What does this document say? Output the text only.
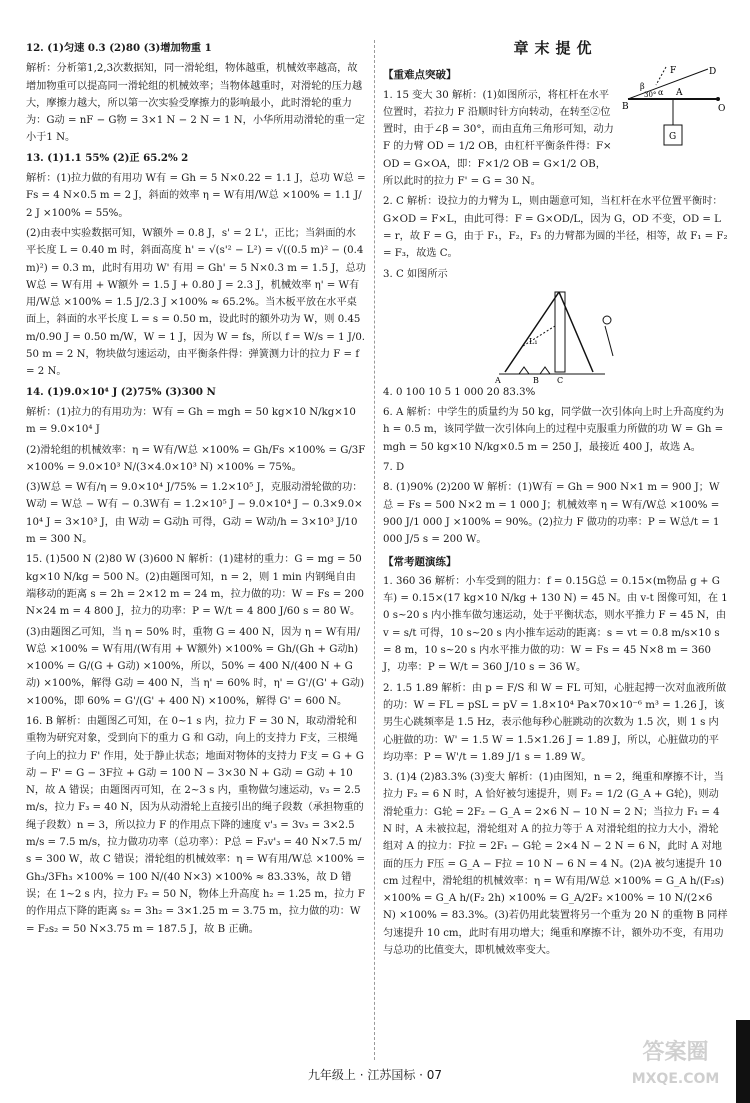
12. (1)匀速 0.3 (2)80 (3)增加物重 1

解析：分析第1,2,3次数据知，同一滑轮组，物体越重，机械效率越高，故增加物重可以提高同一滑轮组的机械效率；当物体越重时，对滑轮的压力越大，摩擦力越大，所以第一次实验受摩擦力的影响最小，此时滑轮的重力为：G动 = nF − G物 = 3×1 N − 2 N = 1 N，小华所用动滑轮的重一定小于1 N。

13. (1)1.1 55% (2)正 65.2% 2

解析：(1)拉力做的有用功 W有 = Gh = 5 N×0.22 = 1.1 J，总功 W总 = Fs = 4 N×0.5 m = 2 J，斜面的效率 η = W有用/W总 ×100% = 1.1 J/2 J ×100% = 55%。

(2)由表中实验数据可知，W额外 = 0.8 J，s' = 2 L'，正比；当斜面的水平长度 L = 0.40 m 时，斜面高度 h' = √(s'² − L²) = √((0.5 m)² − (0.4 m)²) = 0.3 m，此时有用功 W' 有用 = Gh' = 5 N×0.3 m = 1.5 J，总功 W总 = W有用 + W额外 = 1.5 J + 0.80 J = 2.3 J，机械效率 η' = W有用/W总 ×100% = 1.5 J/2.3 J ×100% ≈ 65.2%。当木板平放在水平桌面上，斜面的水平长度 L = s = 0.50 m，设此时的额外功为 W，则 0.45 m/0.90 J = 0.50 m/W，W = 1 J，因为 W = fs，所以 f = W/s = 1 J/0.50 m = 2 N，物块做匀速运动，由平衡条件得：弹簧测力计的拉力 F = f = 2 N。

14. (1)9.0×10⁴ J (2)75% (3)300 N

解析：(1)拉力的有用功为：W有 = Gh = mgh = 50 kg×10 N/kg×10 m = 9.0×10⁴ J

(2)滑轮组的机械效率：η = W有/W总 ×100% = Gh/Fs ×100% = G/3F ×100% = 9.0×10³ N/(3×4.0×10³ N) ×100% = 75%。

(3)W总 = W有/η = 9.0×10⁴ J/75% = 1.2×10⁵ J，克服动滑轮做的功：W动 = W总 − W有 − 0.3W有 = 1.2×10⁵ J − 9.0×10⁴ J − 0.3×9.0×10⁴ J = 3×10³ J，由 W动 = G动h 可得，G动 = W动/h = 3×10³ J/10 m = 300 N。

15. (1)500 N (2)80 W (3)600 N 解析：(1)建材的重力：G = mg = 50 kg×10 N/kg = 500 N。(2)由题图可知，n = 2，则 1 min 内钢绳自由端移动的距离 s = 2h = 2×12 m = 24 m，拉力做的功：W = Fs = 200 N×24 m = 4 800 J，拉力的功率：P = W/t = 4 800 J/60 s = 80 W。

(3)由题图乙可知，当 η = 50% 时，重物 G = 400 N，因为 η = W有用/W总 ×100% = W有用/(W有用 + W额外) ×100% = Gh/(Gh + G动h) ×100% = G/(G + G动) ×100%，所以，50% = 400 N/(400 N + G动) ×100%，解得 G动 = 400 N，当 η' = 60% 时，η' = G'/(G' + G动) ×100%，即 60% = G'/(G' + 400 N) ×100%，解得 G' = 600 N。

16. B 解析：由题图乙可知，在 0~1 s 内，拉力 F = 30 N，取动滑轮和重物为研究对象，受到向下的重力 G 和 G动，向上的支持力 F支，三根绳子向上的拉力 F' 作用，处于静止状态；地面对物体的支持力 F支 = G + G动 − F' = G − 3F拉 + G动 = 100 N − 3×30 N + G动 = G动 + 10 N，故 A 错误；由题图丙可知，在 2~3 s 内，重物做匀速运动，v₃ = 2.5 m/s，拉力 F₃ = 40 N，因为从动滑轮上直接引出的绳子段数（承担物重的绳子段数）n = 3，所以拉力 F 的作用点下降的速度 v'₃ = 3v₃ = 3×2.5 m/s = 7.5 m/s，拉力做功功率（总功率）：P总 = F₃v'₃ = 40 N×7.5 m/s = 300 W，故 C 错误；滑轮组的机械效率：η = W有用/W总 ×100% = Gh₃/3Fh₃ ×100% = 100 N/(40 N×3) ×100% ≈ 83.33%，故 D 错误；在 1~2 s 内，拉力 F₂ = 50 N，物体上升高度 h₂ = 1.25 m，拉力 F 的作用点下降的距离 s₂ = 3h₂ = 3×1.25 m = 3.75 m，拉力做的功：W = F₂s₂ = 50 N×3.75 m = 187.5 J，故 B 正确。

章末提优
【重难点突破】	D
F
B
A
O
G
β
30° α

1. 15 变大 30 解析：(1)如图所示，将杠杆在水平位置时，若拉力 F 沿顺时针方向转动，在转至②位置时，由于∠β = 30°，而由直角三角形可知，动力 F 的力臂 OD = 1/2 OB，由杠杆平衡条件得：F×OD = G×OA，即：F×1/2 OB = G×1/2 OB，所以此时的拉力 F' = G = 30 N。

2. C 解析：设拉力的力臂为 L，则由题意可知，当杠杆在水平位置平衡时：G×OD = F×L，由此可得：F = G×OD/L，因为 G，OD 不变，OD = L = r，故 F = G，由于 F₁，F₂，F₃ 的力臂都为圆的半径，相等，故 F₁ = F₂ = F₃，故选 C。

3. C 如图所示

L₁
A	B C

4. 0 100 10 5 1 000 20 83.3%

6. A 解析：中学生的质量约为 50 kg，同学做一次引体向上时上升高度约为 h = 0.5 m，该同学做一次引体向上的过程中克服重力所做的功 W = Gh = mgh = 50 kg×10 N/kg×0.5 m = 250 J，最接近 400 J，故选 A。

7. D

8. (1)90% (2)200 W 解析：(1)W有 = Gh = 900 N×1 m = 900 J；W总 = Fs = 500 N×2 m = 1 000 J；机械效率 η = W有/W总 ×100% = 900 J/1 000 J ×100% = 90%。(2)拉力 F 做功的功率：P = W总/t = 1 000 J/5 s = 200 W。

【常考题演练】

1. 360 36 解析：小车受到的阻力：f = 0.15G总 = 0.15×(m物品 g + G车) = 0.15×(17 kg×10 N/kg + 130 N) = 45 N。由 v-t 图像可知，在 10 s~20 s 内小推车做匀速运动，处于平衡状态，则水平推力 F = 45 N，由 v = s/t 可得，10 s~20 s 内小推车运动的距离：s = vt = 0.8 m/s×10 s = 8 m，10 s~20 s 内水平推力做的功：W = Fs = 45 N×8 m = 360 J，功率：P = W/t = 360 J/10 s = 36 W。

2. 1.5 1.89 解析：由 p = F/S 和 W = FL 可知，心脏起搏一次对血液所做的功：W = FL = pSL = pV = 1.8×10⁴ Pa×70×10⁻⁶ m³ = 1.26 J，该男生心跳频率是 1.5 Hz，表示他每秒心脏跳动的次数为 1.5 次，则 1 s 内心脏做的功：W' = 1.5 W = 1.5×1.26 J = 1.89 J，所以，心脏做功的平均功率：P = W'/t = 1.89 J/1 s = 1.89 W。

3. (1)4 (2)83.3% (3)变大 解析：(1)由图知，n = 2，绳重和摩擦不计，当拉力 F₂ = 6 N 时，A 恰好被匀速提升，则 F₂ = 1/2 (G_A + G轮)，则动滑轮重力：G轮 = 2F₂ − G_A = 2×6 N − 10 N = 2 N；当拉力 F₁ = 4 N 时，A 未被拉起，滑轮组对 A 的拉力等于 A 对滑轮组的拉力大小，滑轮组对 A 的拉力：F拉 = 2F₁ − G轮 = 2×4 N − 2 N = 6 N，此时 A 对地面的压力 F压 = G_A − F拉 = 10 N − 6 N = 4 N。(2)A 被匀速提升 10 cm 过程中，滑轮组的机械效率：η = W有用/W总 ×100% = G_A h/(F₂s) ×100% = G_A h/(F₂ 2h) ×100% = G_A/2F₂ ×100% = 10 N/(2×6 N) ×100% = 83.3%。(3)若仍用此装置将另一个重为 20 N 的重物 B 同样匀速提升 10 cm，此时有用功增大；绳重和摩擦不计，额外功不变，有用功与总功的比值变大，即机械效率变大。

九年级上 · 江苏国标 · 07
答案圈
MXQE.COM
